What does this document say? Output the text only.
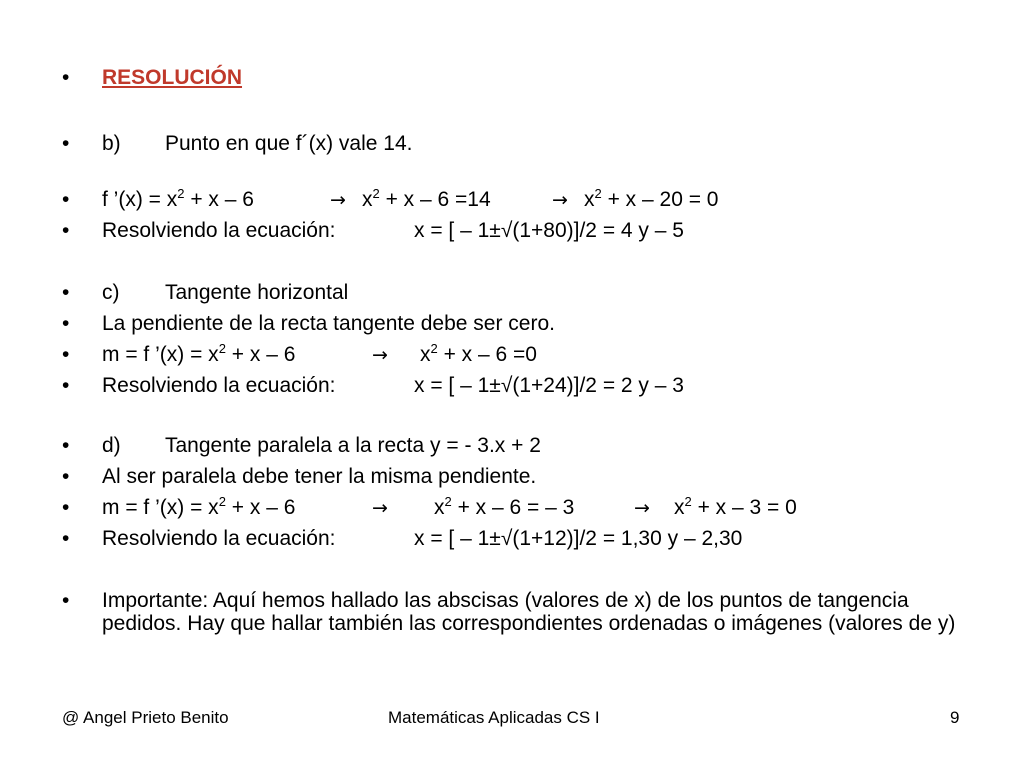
•	RESOLUCIÓN
•	b) Punto en que f´(x) vale 14.
•	f ’(x) = $x^2 + x - 6$	→ $x^2 + x - 6 =14$	→ $x^2 + x - 20 = 0$
•	Resolviendo la ecuación:	x = [ – 1±√(1+80)]/2 = 4 y – 5
•	c) Tangente horizontal
•	La pendiente de la recta tangente debe ser cero.
•	m = f ’(x) = $x^2 + x - 6$	→ $x^2 + x - 6 =0$
•	Resolviendo la ecuación:	x = [ – 1±√(1+24)]/2 = 2 y – 3
•	d) Tangente paralela a la recta y = - 3.x + 2
•	Al ser paralela debe tener la misma pendiente.
•	m = f ’(x) = $x^2 + x - 6$	→ $x^2 + x - 6$ = – 3	→ $x^2 + x - 3 = 0$
•	Resolviendo la ecuación:	x = [ – 1±√(1+12)]/2 = 1,30 y – 2,30
•	Importante: Aquí hemos hallado las abscisas (valores de x) de los puntos de tangencia pedidos. Hay que hallar también las correspondientes ordenadas o imágenes (valores de y)
@ Angel Prieto Benito	Matemáticas Aplicadas CS I	9
